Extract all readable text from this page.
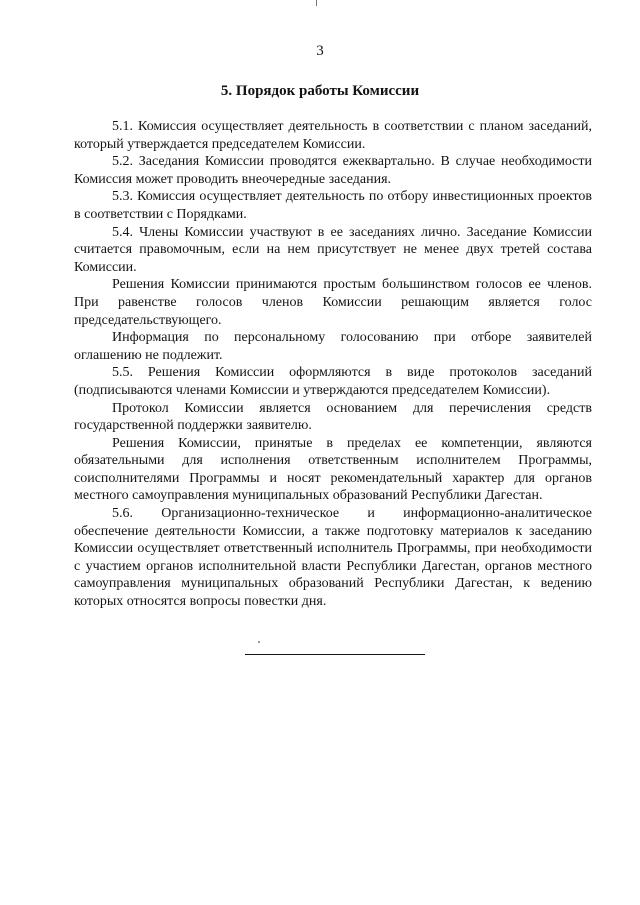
3
5. Порядок работы Комиссии

5.1. Комиссия осуществляет деятельность в соответствии с планом заседаний, который утверждается председателем Комиссии.

5.2. Заседания Комиссии проводятся ежеквартально. В случае необходимости Комиссия может проводить внеочередные заседания.

5.3. Комиссия осуществляет деятельность по отбору инвестиционных проектов в соответствии с Порядками.

5.4. Члены Комиссии участвуют в ее заседаниях лично. Заседание Комиссии считается правомочным, если на нем присутствует не менее двух третей состава Комиссии.

Решения Комиссии принимаются простым большинством голосов ее членов. При равенстве голосов членов Комиссии решающим является голос председательствующего.

Информация по персональному голосованию при отборе заявителей оглашению не подлежит.

5.5. Решения Комиссии оформляются в виде протоколов заседаний (подписываются членами Комиссии и утверждаются председателем Комиссии).

Протокол Комиссии является основанием для перечисления средств государственной поддержки заявителю.

Решения Комиссии, принятые в пределах ее компетенции, являются обязательными для исполнения ответственным исполнителем Программы, соисполнителями Программы и носят рекомендательный характер для органов местного самоуправления муниципальных образований Республики Дагестан.

5.6. Организационно-техническое и информационно-аналитическое обеспечение деятельности Комиссии, а также подготовку материалов к заседанию Комиссии осуществляет ответственный исполнитель Программы, при необходимости с участием органов исполнительной власти Республики Дагестан, органов местного самоуправления муниципальных образований Республики Дагестан, к ведению которых относятся вопросы повестки дня.
